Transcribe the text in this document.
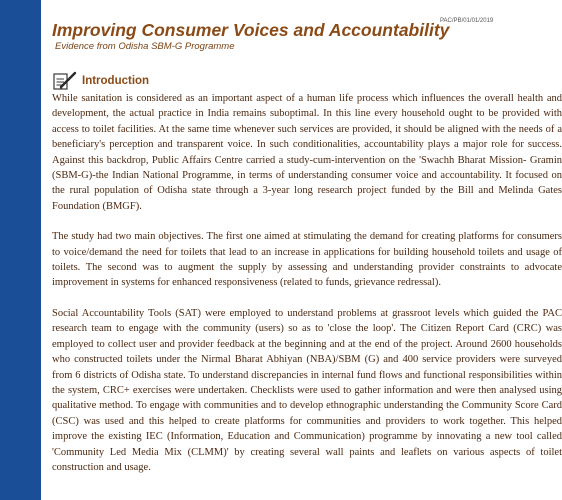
PAC/PB/01/01/2019
Improving Consumer Voices and Accountability
Evidence from Odisha SBM-G Programme
Introduction

While sanitation is considered as an important aspect of a human life process which influences the overall health and development, the actual practice in India remains suboptimal. In this line every household ought to be provided with access to toilet facilities. At the same time whenever such services are provided, it should be aligned with the needs of a beneficiary's perception and transparent voice. In such conditionalities, accountability plays a major role for success. Against this backdrop, Public Affairs Centre carried a study-cum-intervention on the 'Swachh Bharat Mission- Gramin (SBM-G)-the Indian National Programme, in terms of understanding consumer voice and accountability. It focused on the rural population of Odisha state through a 3-year long research project funded by the Bill and Melinda Gates Foundation (BMGF).

The study had two main objectives. The first one aimed at stimulating the demand for creating platforms for consumers to voice/demand the need for toilets that lead to an increase in applications for building household toilets and usage of toilets. The second was to augment the supply by assessing and understanding provider constraints to advocate improvement in systems for enhanced responsiveness (related to funds, grievance redressal).

Social Accountability Tools (SAT) were employed to understand problems at grassroot levels which guided the PAC research team to engage with the community (users) so as to 'close the loop'. The Citizen Report Card (CRC) was employed to collect user and provider feedback at the beginning and at the end of the project. Around 2600 households who constructed toilets under the Nirmal Bharat Abhiyan (NBA)/SBM (G) and 400 service providers were surveyed from 6 districts of Odisha state. To understand discrepancies in internal fund flows and functional responsibilities within the system, CRC+ exercises were undertaken. Checklists were used to gather information and were then analysed using qualitative method. To engage with communities and to develop ethnographic understanding the Community Score Card (CSC) was used and this helped to create platforms for communities and providers to work together. This helped improve the existing IEC (Information, Education and Communication) programme by innovating a new tool called 'Community Led Media Mix (CLMM)' by creating several wall paints and leaflets on various aspects of toilet construction and usage.
